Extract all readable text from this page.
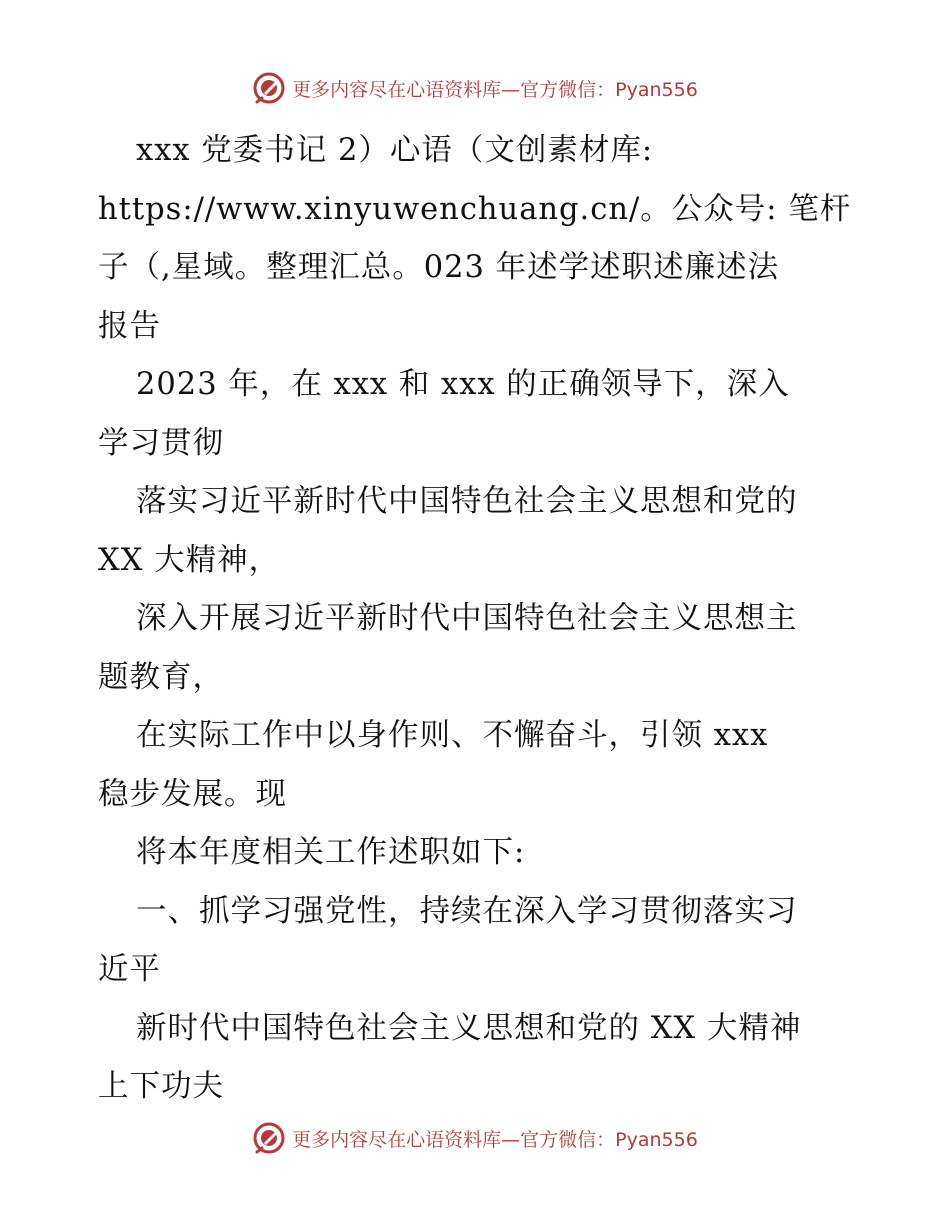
更多内容尽在心语资料库—官方微信：Pyan556
xxx 党委书记 2）心语（文创素材库:
https://www.xinyuwenchuang.cn/。公众号: 笔杆
子（,星域。整理汇总。023 年述学述职述廉述法
报告
2023 年，在 xxx 和 xxx 的正确领导下，深入
学习贯彻
落实习近平新时代中国特色社会主义思想和党的
XX 大精神，
深入开展习近平新时代中国特色社会主义思想主
题教育，
在实际工作中以身作则、不懈奋斗，引领 xxx
稳步发展。现
将本年度相关工作述职如下:
一、抓学习强党性，持续在深入学习贯彻落实习
近平
新时代中国特色社会主义思想和党的 XX 大精神
上下功夫
更多内容尽在心语资料库—官方微信：Pyan556
